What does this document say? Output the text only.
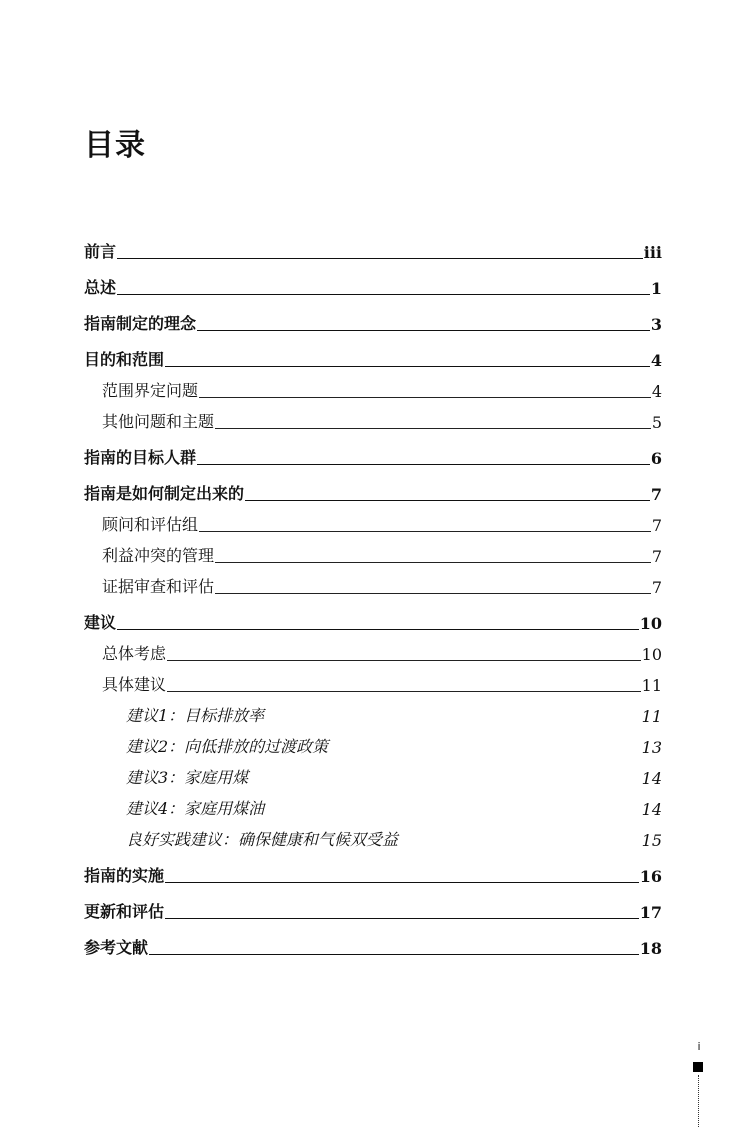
目录
前言	iii
总述	1
指南制定的理念	3
目的和范围	4
范围界定问题	4
其他问题和主题	5
指南的目标人群	6
指南是如何制定出来的	7
顾问和评估组	7
利益冲突的管理	7
证据审查和评估	7
建议	10
总体考虑	10
具体建议	11
建议1：目标排放率	11
建议2：向低排放的过渡政策	13
建议3：家庭用煤	14
建议4：家庭用煤油	14
良好实践建议：确保健康和气候双受益	15
指南的实施	16
更新和评估	17
参考文献	18
i
